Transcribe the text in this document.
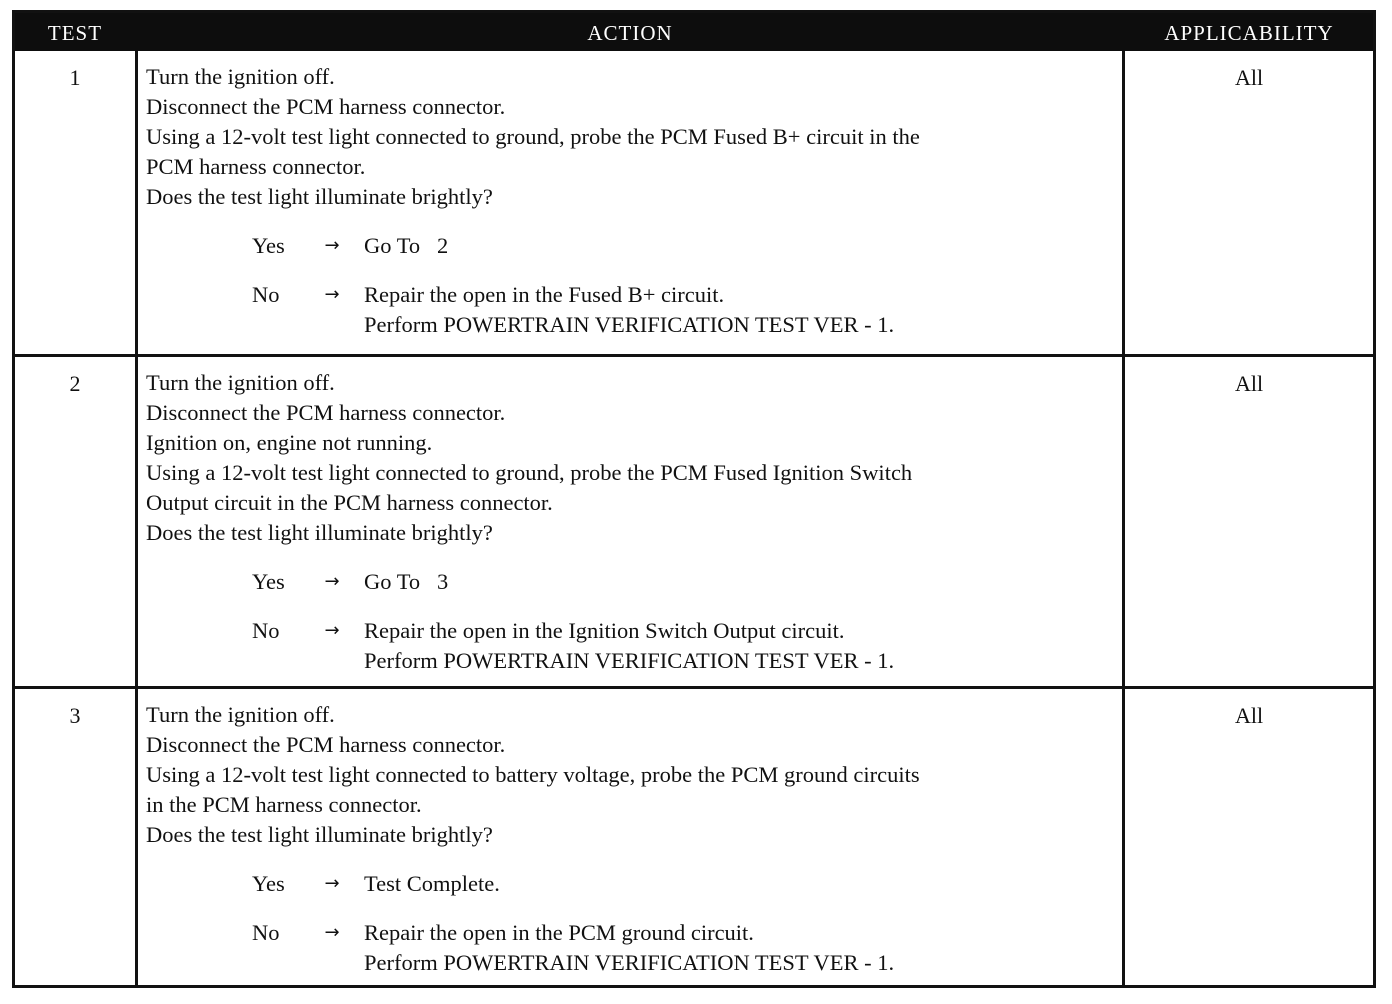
TEST	ACTION	APPLICABILITY
1	Turn the ignition off.
Disconnect the PCM harness connector.
Using a 12-volt test light connected to ground, probe the PCM Fused B+ circuit in the
PCM harness connector.
Does the test light illuminate brightly?
Yes	→	Go To   2
No	→	Repair the open in the Fused B+ circuit.
Perform POWERTRAIN VERIFICATION TEST VER - 1.
All
2	Turn the ignition off.
Disconnect the PCM harness connector.
Ignition on, engine not running.
Using a 12-volt test light connected to ground, probe the PCM Fused Ignition Switch
Output circuit in the PCM harness connector.
Does the test light illuminate brightly?
Yes	→	Go To   3
No	→	Repair the open in the Ignition Switch Output circuit.
Perform POWERTRAIN VERIFICATION TEST VER - 1.
All
3	Turn the ignition off.
Disconnect the PCM harness connector.
Using a 12-volt test light connected to battery voltage, probe the PCM ground circuits
in the PCM harness connector.
Does the test light illuminate brightly?
Yes	→	Test Complete.
No	→	Repair the open in the PCM ground circuit.
Perform POWERTRAIN VERIFICATION TEST VER - 1.
All
